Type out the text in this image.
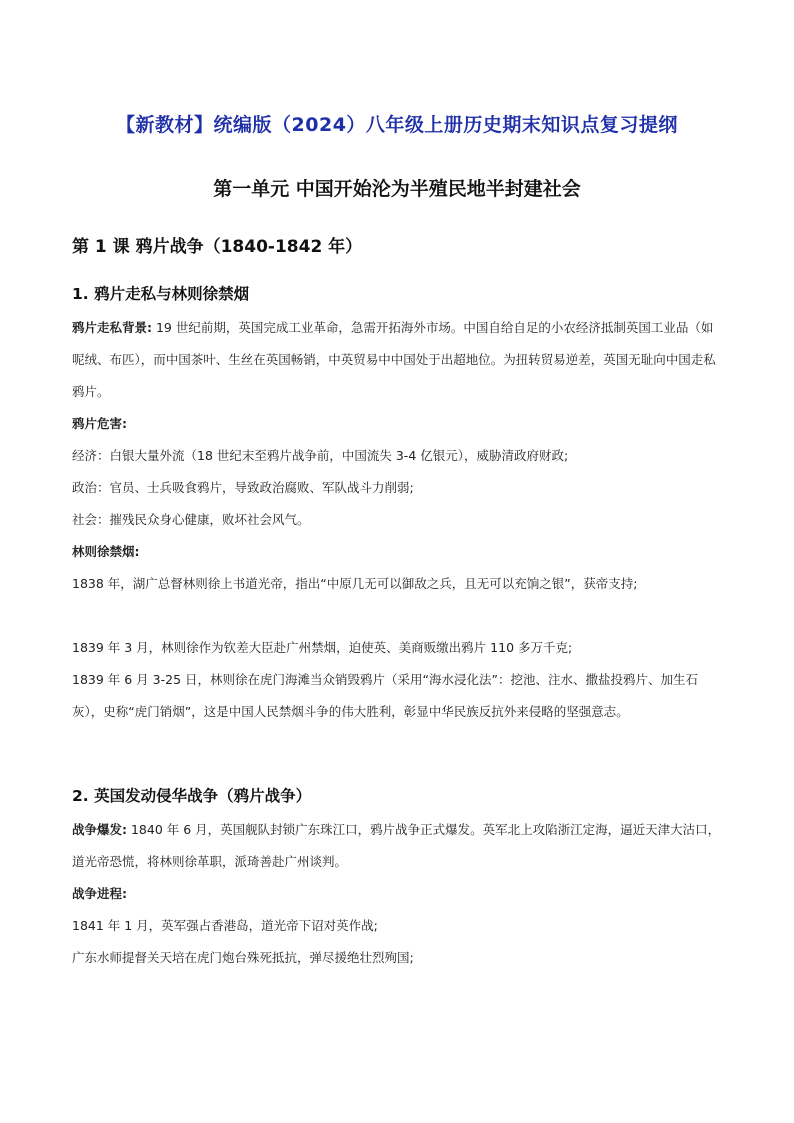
【新教材】统编版（2024）八年级上册历史期末知识点复习提纲
第一单元 中国开始沦为半殖民地半封建社会
第 1 课 鸦片战争（1840-1842 年）
1. 鸦片走私与林则徐禁烟
鸦片走私背景: 19 世纪前期，英国完成工业革命，急需开拓海外市场。中国自给自足的小农经济抵制英国工业品（如呢绒、布匹），而中国茶叶、生丝在英国畅销，中英贸易中中国处于出超地位。为扭转贸易逆差，英国无耻向中国走私鸦片。
鸦片危害:
经济：白银大量外流（18 世纪末至鸦片战争前，中国流失 3-4 亿银元），威胁清政府财政;
政治：官员、士兵吸食鸦片，导致政治腐败、军队战斗力削弱;
社会：摧残民众身心健康，败坏社会风气。
林则徐禁烟:
1838 年，湖广总督林则徐上书道光帝，指出“中原几无可以御敌之兵，且无可以充饷之银”，获帝支持;
1839 年 3 月，林则徐作为钦差大臣赴广州禁烟，迫使英、美商贩缴出鸦片 110 多万千克;
1839 年 6 月 3-25 日，林则徐在虎门海滩当众销毁鸦片（采用“海水浸化法”：挖池、注水、撒盐投鸦片、加生石灰），史称“虎门销烟”，这是中国人民禁烟斗争的伟大胜利，彰显中华民族反抗外来侵略的坚强意志。
2. 英国发动侵华战争（鸦片战争）
战争爆发: 1840 年 6 月，英国舰队封锁广东珠江口，鸦片战争正式爆发。英军北上攻陷浙江定海，逼近天津大沽口，道光帝恐慌，将林则徐革职，派琦善赴广州谈判。
战争进程:
1841 年 1 月，英军强占香港岛，道光帝下诏对英作战;
广东水师提督关天培在虎门炮台殊死抵抗，弹尽援绝壮烈殉国;
